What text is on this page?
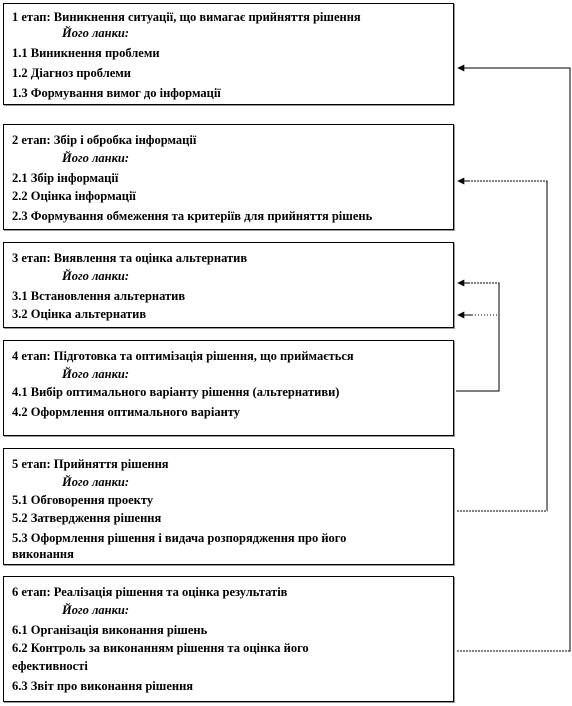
1 етап: Виникнення ситуації, що вимагає прийняття рішення
Його ланки:
1.1 Виникнення проблеми
1.2 Діагноз проблеми
1.3 Формування вимог до інформації
2 етап: Збір і обробка інформації
Його ланки:
2.1 Збір інформації
2.2 Оцінка інформації
2.3 Формування обмеження та критеріїв для прийняття рішень
3 етап: Виявлення та оцінка альтернатив
Його ланки:
3.1 Встановлення альтернатив
3.2 Оцінка альтернатив
4 етап: Підготовка та оптимізація рішення, що приймається
Його ланки:
4.1 Вибір оптимального варіанту рішення (альтернативи)
4.2 Оформлення оптимального варіанту
5 етап: Прийняття рішення
Його ланки:
5.1 Обговорення проекту
5.2 Затвердження рішення
5.3 Оформлення рішення і видача розпорядження про його
виконання
6 етап: Реалізація рішення та оцінка результатів
Його ланки:
6.1 Організація виконання рішень
6.2 Контроль за виконанням рішення та оцінка його
ефективності
6.3 Звіт про виконання рішення
